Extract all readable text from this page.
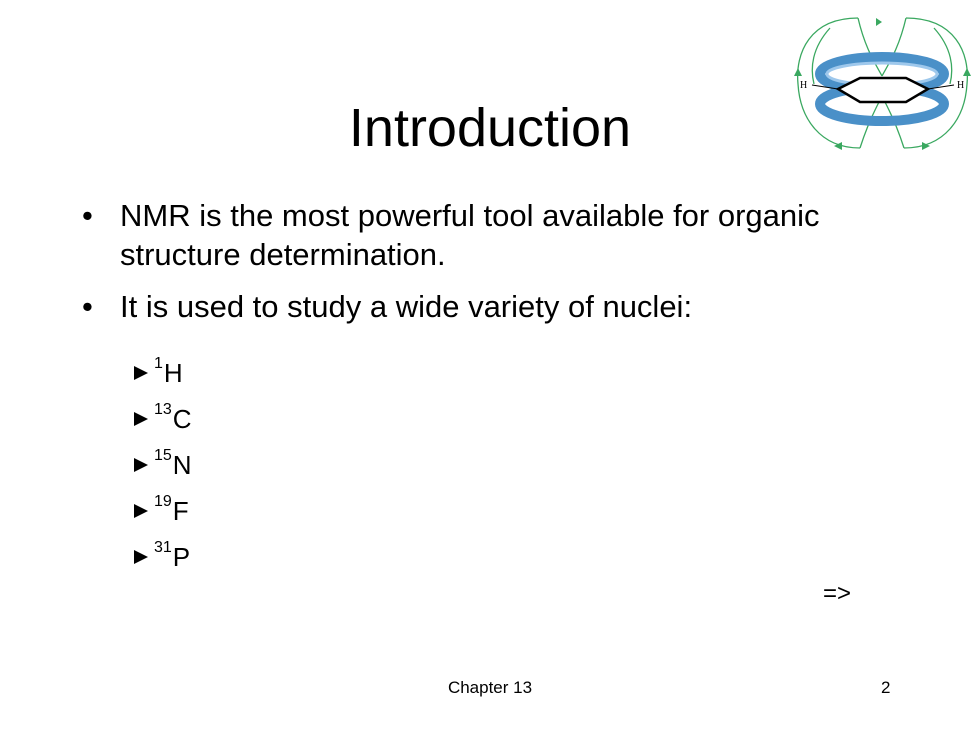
H	H
Introduction
• NMR is the most powerful tool available for organic structure determination.
• It is used to study a wide variety of nuclei:
1 H
13 C
15 N
19 F
31 P
=>
Chapter 13	2
